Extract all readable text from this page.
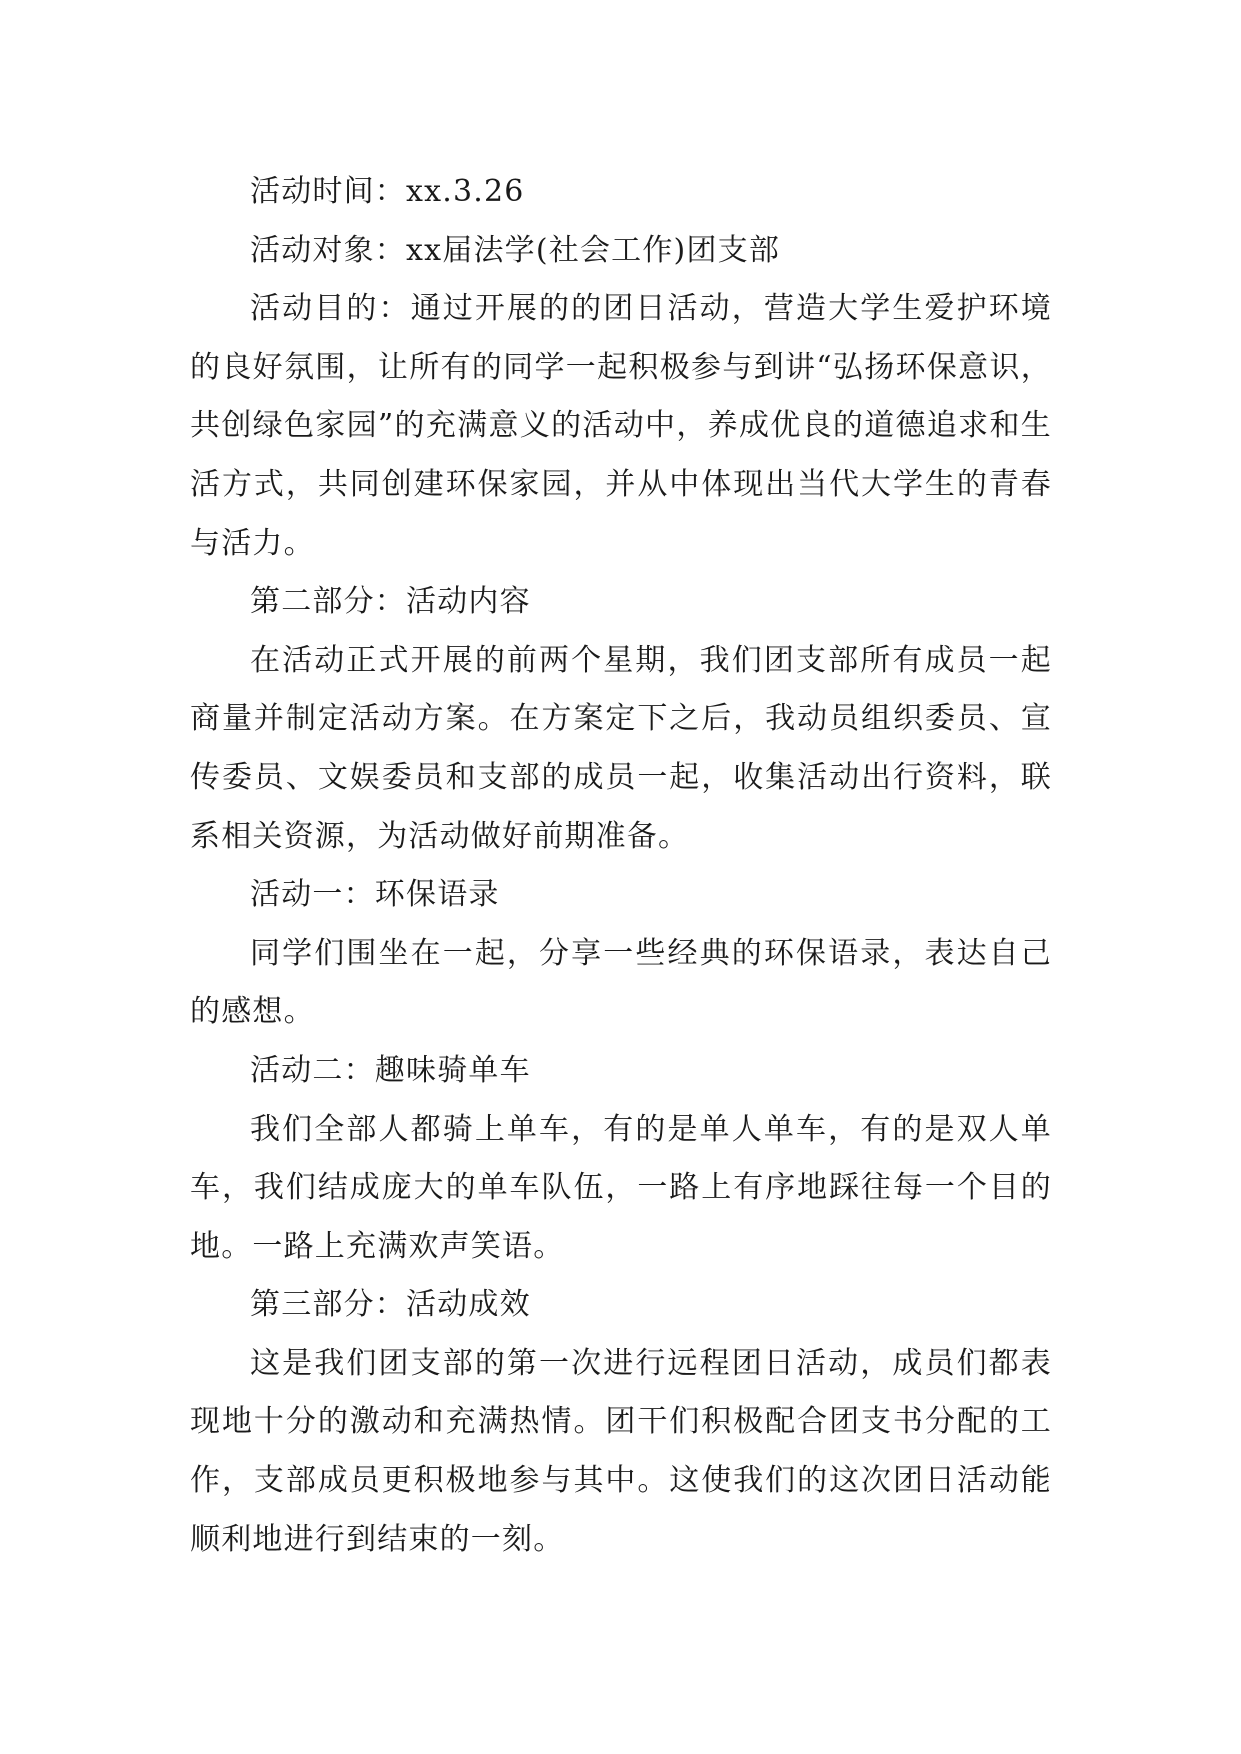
活动时间：xx.3.26

活动对象：xx届法学(社会工作)团支部

活动目的：通过开展的的团日活动，营造大学生爱护环境的良好氛围，让所有的同学一起积极参与到讲“弘扬环保意识，共创绿色家园”的充满意义的活动中，养成优良的道德追求和生活方式，共同创建环保家园，并从中体现出当代大学生的青春与活力。

第二部分：活动内容

在活动正式开展的前两个星期，我们团支部所有成员一起商量并制定活动方案。在方案定下之后，我动员组织委员、宣传委员、文娱委员和支部的成员一起，收集活动出行资料，联系相关资源，为活动做好前期准备。

活动一：环保语录

同学们围坐在一起，分享一些经典的环保语录，表达自己的感想。

活动二：趣味骑单车

我们全部人都骑上单车，有的是单人单车，有的是双人单车，我们结成庞大的单车队伍，一路上有序地踩往每一个目的地。一路上充满欢声笑语。

第三部分：活动成效

这是我们团支部的第一次进行远程团日活动，成员们都表现地十分的激动和充满热情。团干们积极配合团支书分配的工作，支部成员更积极地参与其中。这使我们的这次团日活动能顺利地进行到结束的一刻。
